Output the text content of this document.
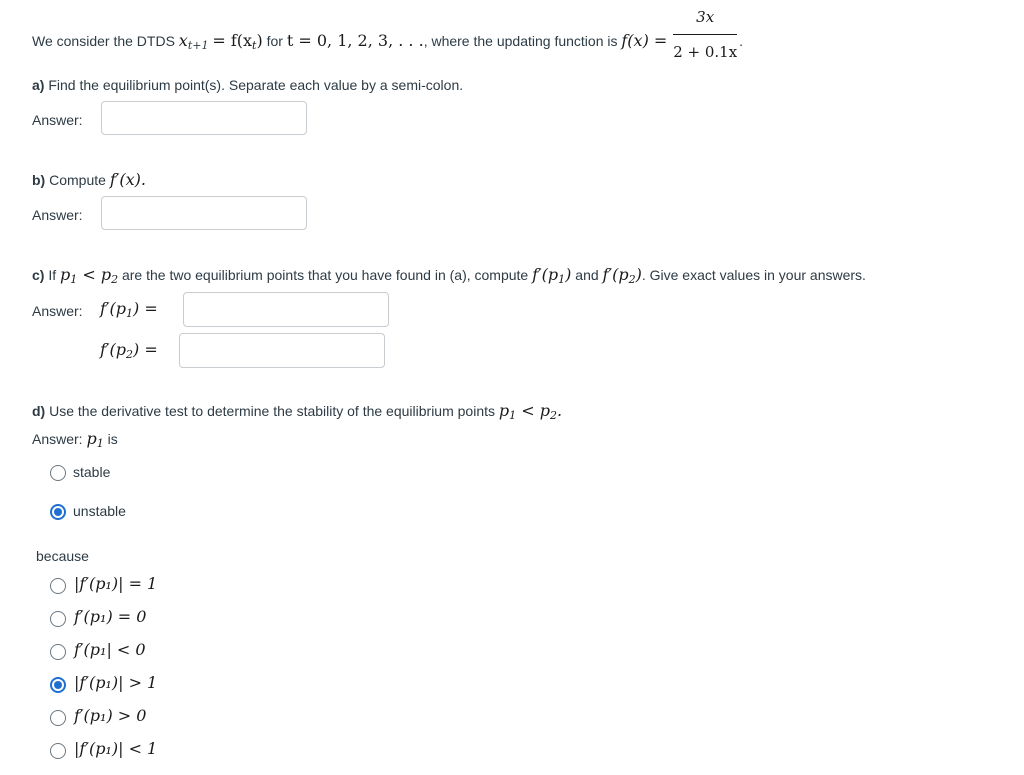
We consider the DTDS $x_{t+1} = f(x_t)$ for t = 0, 1, 2, 3, . . ., where the updating function is $f(x) = \frac{3x}{2 + 0.1x}$ .
a) Find the equilibrium point(s). Separate each value by a semi-colon.
Answer:
b) Compute f′(x).
Answer:
c) If $p_1 < p_2$ are the two equilibrium points that you have found in (a), compute $f'(p_1)$ and $f'(p_2)$. Give exact values in your answers.
Answer: $f'(p_1)$ =
$f'(p_2)$ =
d) Use the derivative test to determine the stability of the equilibrium points $p_1 < p_2$.
Answer: $p_1$ is
stable
unstable
because
|f′(p₁)| = 1
f′(p₁) = 0
f′(p₁| < 0
|f′(p₁)| > 1
f′(p₁) > 0
|f′(p₁)| < 1
